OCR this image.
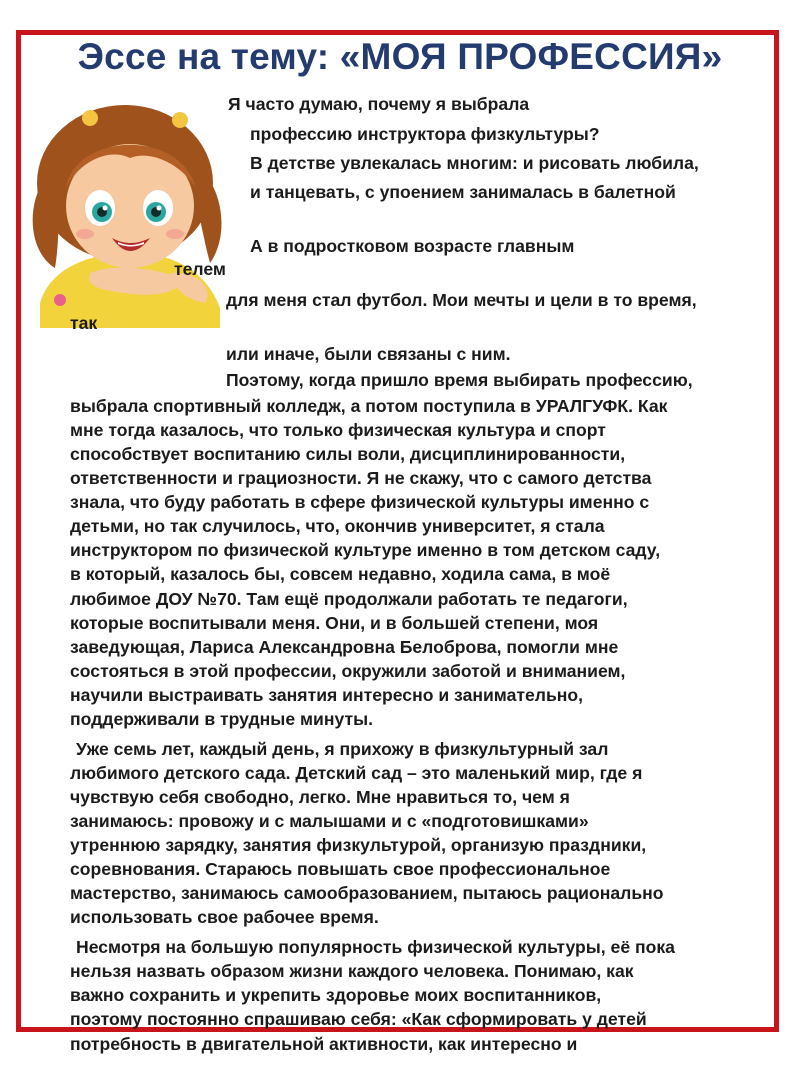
Эссе на тему: «МОЯ ПРОФЕССИЯ»
Я часто думаю, почему я выбрала
профессию инструктора физкультуры?
В детстве увлекалась многим: и рисовать любила,
и танцевать, с упоением занималась в балетной
А в подростковом возрасте главным
телем
для меня стал футбол. Мои мечты и цели в то время,
так
или иначе, были связаны с ним.
Поэтому, когда пришло время выбирать профессию,
выбрала спортивный колледж, а потом поступила в УРАЛГУФК. Как
мне тогда казалось, что только физическая культура и спорт
способствует воспитанию силы воли, дисциплинированности,
ответственности и грациозности. Я не скажу, что с самого детства
знала, что буду работать в сфере физической культуры именно с
детьми, но так случилось, что, окончив университет, я стала
инструктором по физической культуре именно в том детском саду,
в который, казалось бы, совсем недавно, ходила сама, в моё
любимое ДОУ №70. Там ещё продолжали работать те педагоги,
которые воспитывали меня. Они, и в большей степени, моя
заведующая, Лариса Александровна Белоброва, помогли мне
состояться в этой профессии, окружили заботой и вниманием,
научили выстраивать занятия интересно и занимательно,
поддерживали в трудные минуты.
Уже семь лет, каждый день, я прихожу в физкультурный зал
любимого детского сада. Детский сад – это маленький мир, где я
чувствую себя свободно, легко. Мне нравиться то, чем я
занимаюсь: провожу и с малышами и с «подготовишками»
утреннюю зарядку, занятия физкультурой, организую праздники,
соревнования. Стараюсь повышать свое профессиональное
мастерство, занимаюсь самообразованием, пытаюсь рационально
использовать свое рабочее время.
Несмотря на большую популярность физической культуры, её пока
нельзя назвать образом жизни каждого человека. Понимаю, как
важно сохранить и укрепить здоровье моих воспитанников,
поэтому постоянно спрашиваю себя: «Как сформировать у детей
потребность в двигательной активности, как интересно и
